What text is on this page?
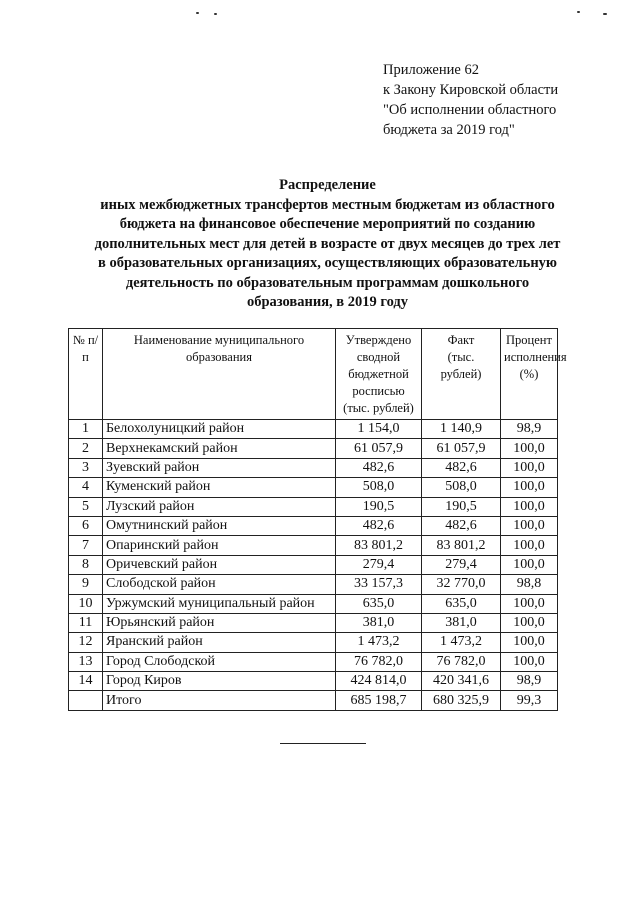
Приложение 62
к Закону Кировской области
"Об исполнении областного
бюджета за 2019 год"
Распределение
иных межбюджетных трансфертов местным бюджетам из областного
бюджета на финансовое обеспечение мероприятий по созданию
дополнительных мест для детей в возрасте от двух месяцев до трех лет
в образовательных организациях, осуществляющих образовательную
деятельность по образовательным программам дошкольного
образования, в 2019 году
№ п/п	Наименование муниципального образования	Утверждено сводной бюджетной росписью (тыс. рублей)	Факт (тыс. рублей)	Процент исполнения (%)
1	Белохолуницкий район	1 154,0	1 140,9	98,9
2	Верхнекамский район	61 057,9	61 057,9	100,0
3	Зуевский район	482,6	482,6	100,0
4	Куменский район	508,0	508,0	100,0
5	Лузский район	190,5	190,5	100,0
6	Омутнинский район	482,6	482,6	100,0
7	Опаринский район	83 801,2	83 801,2	100,0
8	Оричевский район	279,4	279,4	100,0
9	Слободской район	33 157,3	32 770,0	98,8
10	Уржумский муниципальный район	635,0	635,0	100,0
11	Юрьянский район	381,0	381,0	100,0
12	Яранский район	1 473,2	1 473,2	100,0
13	Город Слободской	76 782,0	76 782,0	100,0
14	Город Киров	424 814,0	420 341,6	98,9
	Итого	685 198,7	680 325,9	99,3
